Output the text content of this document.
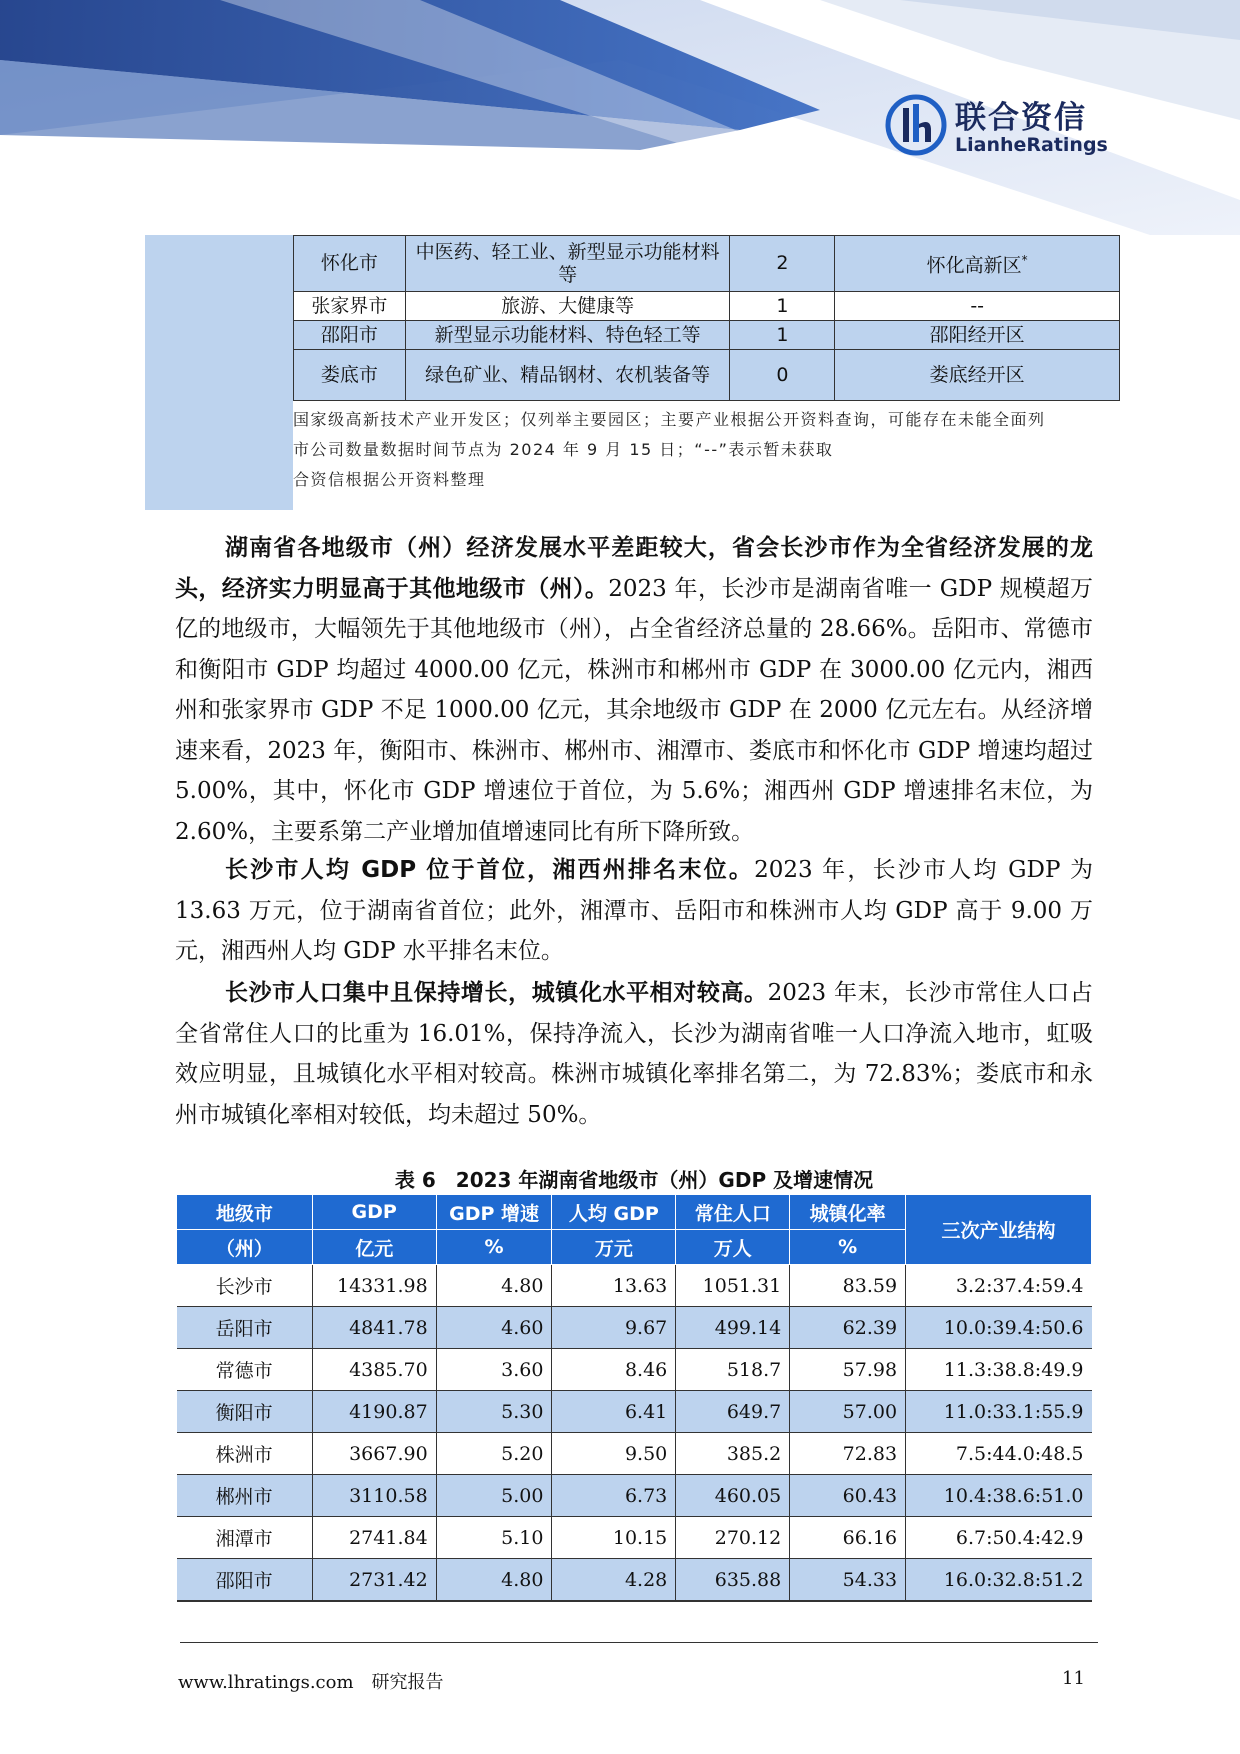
联合资信
LianheRatings
怀化市	中医药、轻工业、新型显示功能材料等	2	怀化高新区*
张家界市	旅游、大健康等	1	--
邵阳市	新型显示功能材料、特色轻工等	1	邵阳经开区
娄底市	绿色矿业、精品钢材、农机装备等	0	娄底经开区
国家级高新技术产业开发区；仅列举主要园区；主要产业根据公开资料查询，可能存在未能全面列
市公司数量数据时间节点为 2024 年 9 月 15 日；“--”表示暂未获取
合资信根据公开资料整理
湖南省各地级市（州）经济发展水平差距较大，省会长沙市作为全省经济发展的龙头，经济实力明显高于其他地级市（州）。2023 年，长沙市是湖南省唯一 GDP 规模超万亿的地级市，大幅领先于其他地级市（州），占全省经济总量的 28.66%。岳阳市、常德市和衡阳市 GDP 均超过 4000.00 亿元，株洲市和郴州市 GDP 在 3000.00 亿元内，湘西州和张家界市 GDP 不足 1000.00 亿元，其余地级市 GDP 在 2000 亿元左右。从经济增速来看，2023 年，衡阳市、株洲市、郴州市、湘潭市、娄底市和怀化市 GDP 增速均超过 5.00%，其中，怀化市 GDP 增速位于首位，为 5.6%；湘西州 GDP 增速排名末位，为 2.60%，主要系第二产业增加值增速同比有所下降所致。
长沙市人均 GDP 位于首位，湘西州排名末位。2023 年，长沙市人均 GDP 为 13.63 万元，位于湖南省首位；此外，湘潭市、岳阳市和株洲市人均 GDP 高于 9.00 万元，湘西州人均 GDP 水平排名末位。
长沙市人口集中且保持增长，城镇化水平相对较高。2023 年末，长沙市常住人口占全省常住人口的比重为 16.01%，保持净流入，长沙为湖南省唯一人口净流入地市，虹吸效应明显，且城镇化水平相对较高。株洲市城镇化率排名第二，为 72.83%；娄底市和永州市城镇化率相对较低，均未超过 50%。
表 6　2023 年湖南省地级市（州）GDP 及增速情况
地级市	GDP	GDP 增速	人均 GDP	常住人口	城镇化率	三次产业结构
（州）	亿元	%	万元	万人	%	
长沙市	14331.98	4.80	13.63	1051.31	83.59	3.2:37.4:59.4
岳阳市	4841.78	4.60	9.67	499.14	62.39	10.0:39.4:50.6
常德市	4385.70	3.60	8.46	518.7	57.98	11.3:38.8:49.9
衡阳市	4190.87	5.30	6.41	649.7	57.00	11.0:33.1:55.9
株洲市	3667.90	5.20	9.50	385.2	72.83	7.5:44.0:48.5
郴州市	3110.58	5.00	6.73	460.05	60.43	10.4:38.6:51.0
湘潭市	2741.84	5.10	10.15	270.12	66.16	6.7:50.4:42.9
邵阳市	2731.42	4.80	4.28	635.88	54.33	16.0:32.8:51.2
www.lhratings.com 研究报告	11
